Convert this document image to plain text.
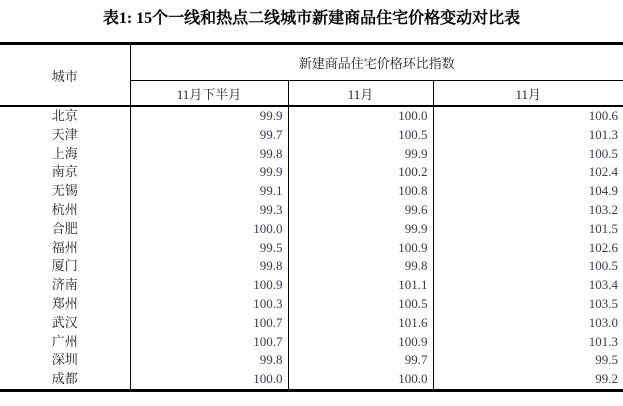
表1: 15个一线和热点二线城市新建商品住宅价格变动对比表
城市	新建商品住宅价格环比指数		
	11月下半月	11月	11月
北京	99.9	100.0	100.6
天津	99.7	100.5	101.3
上海	99.8	99.9	100.5
南京	99.9	100.2	102.4
无锡	99.1	100.8	104.9
杭州	99.3	99.6	103.2
合肥	100.0	99.9	101.5
福州	99.5	100.9	102.6
厦门	99.8	99.8	100.5
济南	100.9	101.1	103.4
郑州	100.3	100.5	103.5
武汉	100.7	101.6	103.0
广州	100.7	100.9	101.3
深圳	99.8	99.7	99.5
成都	100.0	100.0	99.2
